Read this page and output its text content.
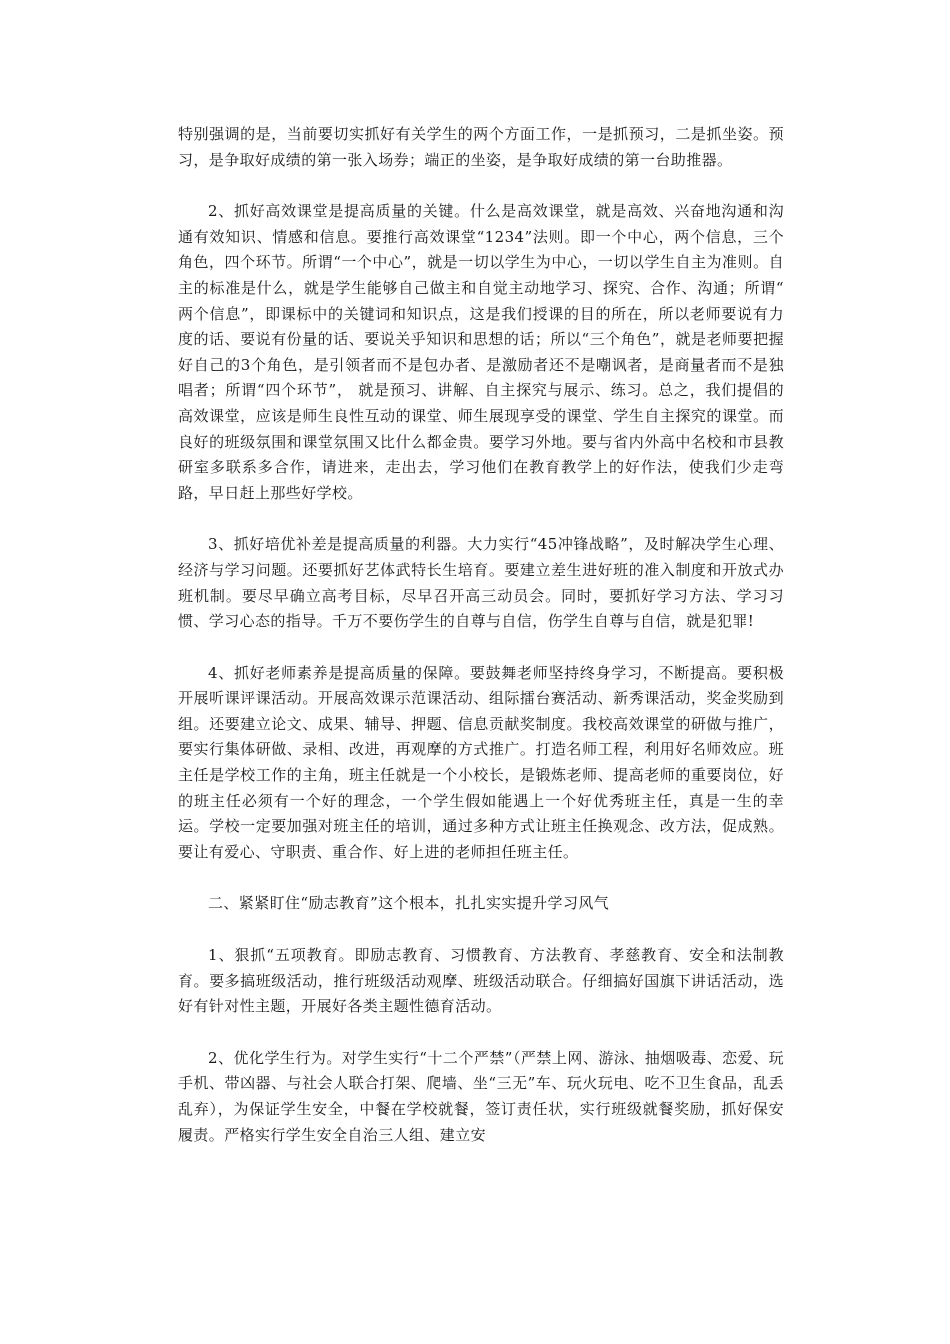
特别强调的是，当前要切实抓好有关学生的两个方面工作，一是抓预习，二是抓坐姿。预习，是争取好成绩的第一张入场券；端正的坐姿，是争取好成绩的第一台助推器。

2、抓好高效课堂是提高质量的关键。什么是高效课堂，就是高效、兴奋地沟通和沟通有效知识、情感和信息。要推行高效课堂“1234”法则。即一个中心，两个信息，三个角色，四个环节。所谓“一个中心”，就是一切以学生为中心，一切以学生自主为准则。自主的标准是什么，就是学生能够自己做主和自觉主动地学习、探究、合作、沟通；所谓“ 两个信息”，即课标中的关键词和知识点，这是我们授课的目的所在，所以老师要说有力度的话、要说有份量的话、要说关乎知识和思想的话；所以“三个角色”，就是老师要把握好自己的3个角色，是引领者而不是包办者、是激励者还不是嘲讽者，是商量者而不是独唱者；所谓“四个环节”， 就是预习、讲解、自主探究与展示、练习。总之，我们提倡的高效课堂，应该是师生良性互动的课堂、师生展现享受的课堂、学生自主探究的课堂。而良好的班级氛围和课堂氛围又比什么都金贵。要学习外地。要与省内外高中名校和市县教研室多联系多合作，请进来，走出去，学习他们在教育教学上的好作法，使我们少走弯路，早日赶上那些好学校。

3、抓好培优补差是提高质量的利器。大力实行“45冲锋战略”，及时解决学生心理、经济与学习问题。还要抓好艺体武特长生培育。要建立差生进好班的准入制度和开放式办班机制。要尽早确立高考目标，尽早召开高三动员会。同时，要抓好学习方法、学习习惯、学习心态的指导。千万不要伤学生的自尊与自信，伤学生自尊与自信，就是犯罪!

4、抓好老师素养是提高质量的保障。要鼓舞老师坚持终身学习，不断提高。要积极开展听课评课活动。开展高效课示范课活动、组际擂台赛活动、新秀课活动，奖金奖励到组。还要建立论文、成果、辅导、押题、信息贡献奖制度。我校高效课堂的研做与推广，要实行集体研做、录相、改进，再观摩的方式推广。打造名师工程，利用好名师效应。班主任是学校工作的主角，班主任就是一个小校长，是锻炼老师、提高老师的重要岗位，好的班主任必须有一个好的理念，一个学生假如能遇上一个好优秀班主任，真是一生的幸运。学校一定要加强对班主任的培训，通过多种方式让班主任换观念、改方法，促成熟。要让有爱心、守职责、重合作、好上进的老师担任班主任。

二、紧紧盯住“励志教育”这个根本，扎扎实实提升学习风气

1、狠抓“五项教育。即励志教育、习惯教育、方法教育、孝慈教育、安全和法制教育。要多搞班级活动，推行班级活动观摩、班级活动联合。仔细搞好国旗下讲话活动，选好有针对性主题，开展好各类主题性德育活动。

2、优化学生行为。对学生实行“十二个严禁”（严禁上网、游泳、抽烟吸毒、恋爱、玩手机、带凶器、与社会人联合打架、爬墙、坐“三无”车、玩火玩电、吃不卫生食品，乱丢乱弃），为保证学生安全，中餐在学校就餐，签订责任状，实行班级就餐奖励，抓好保安履责。严格实行学生安全自治三人组、建立安
